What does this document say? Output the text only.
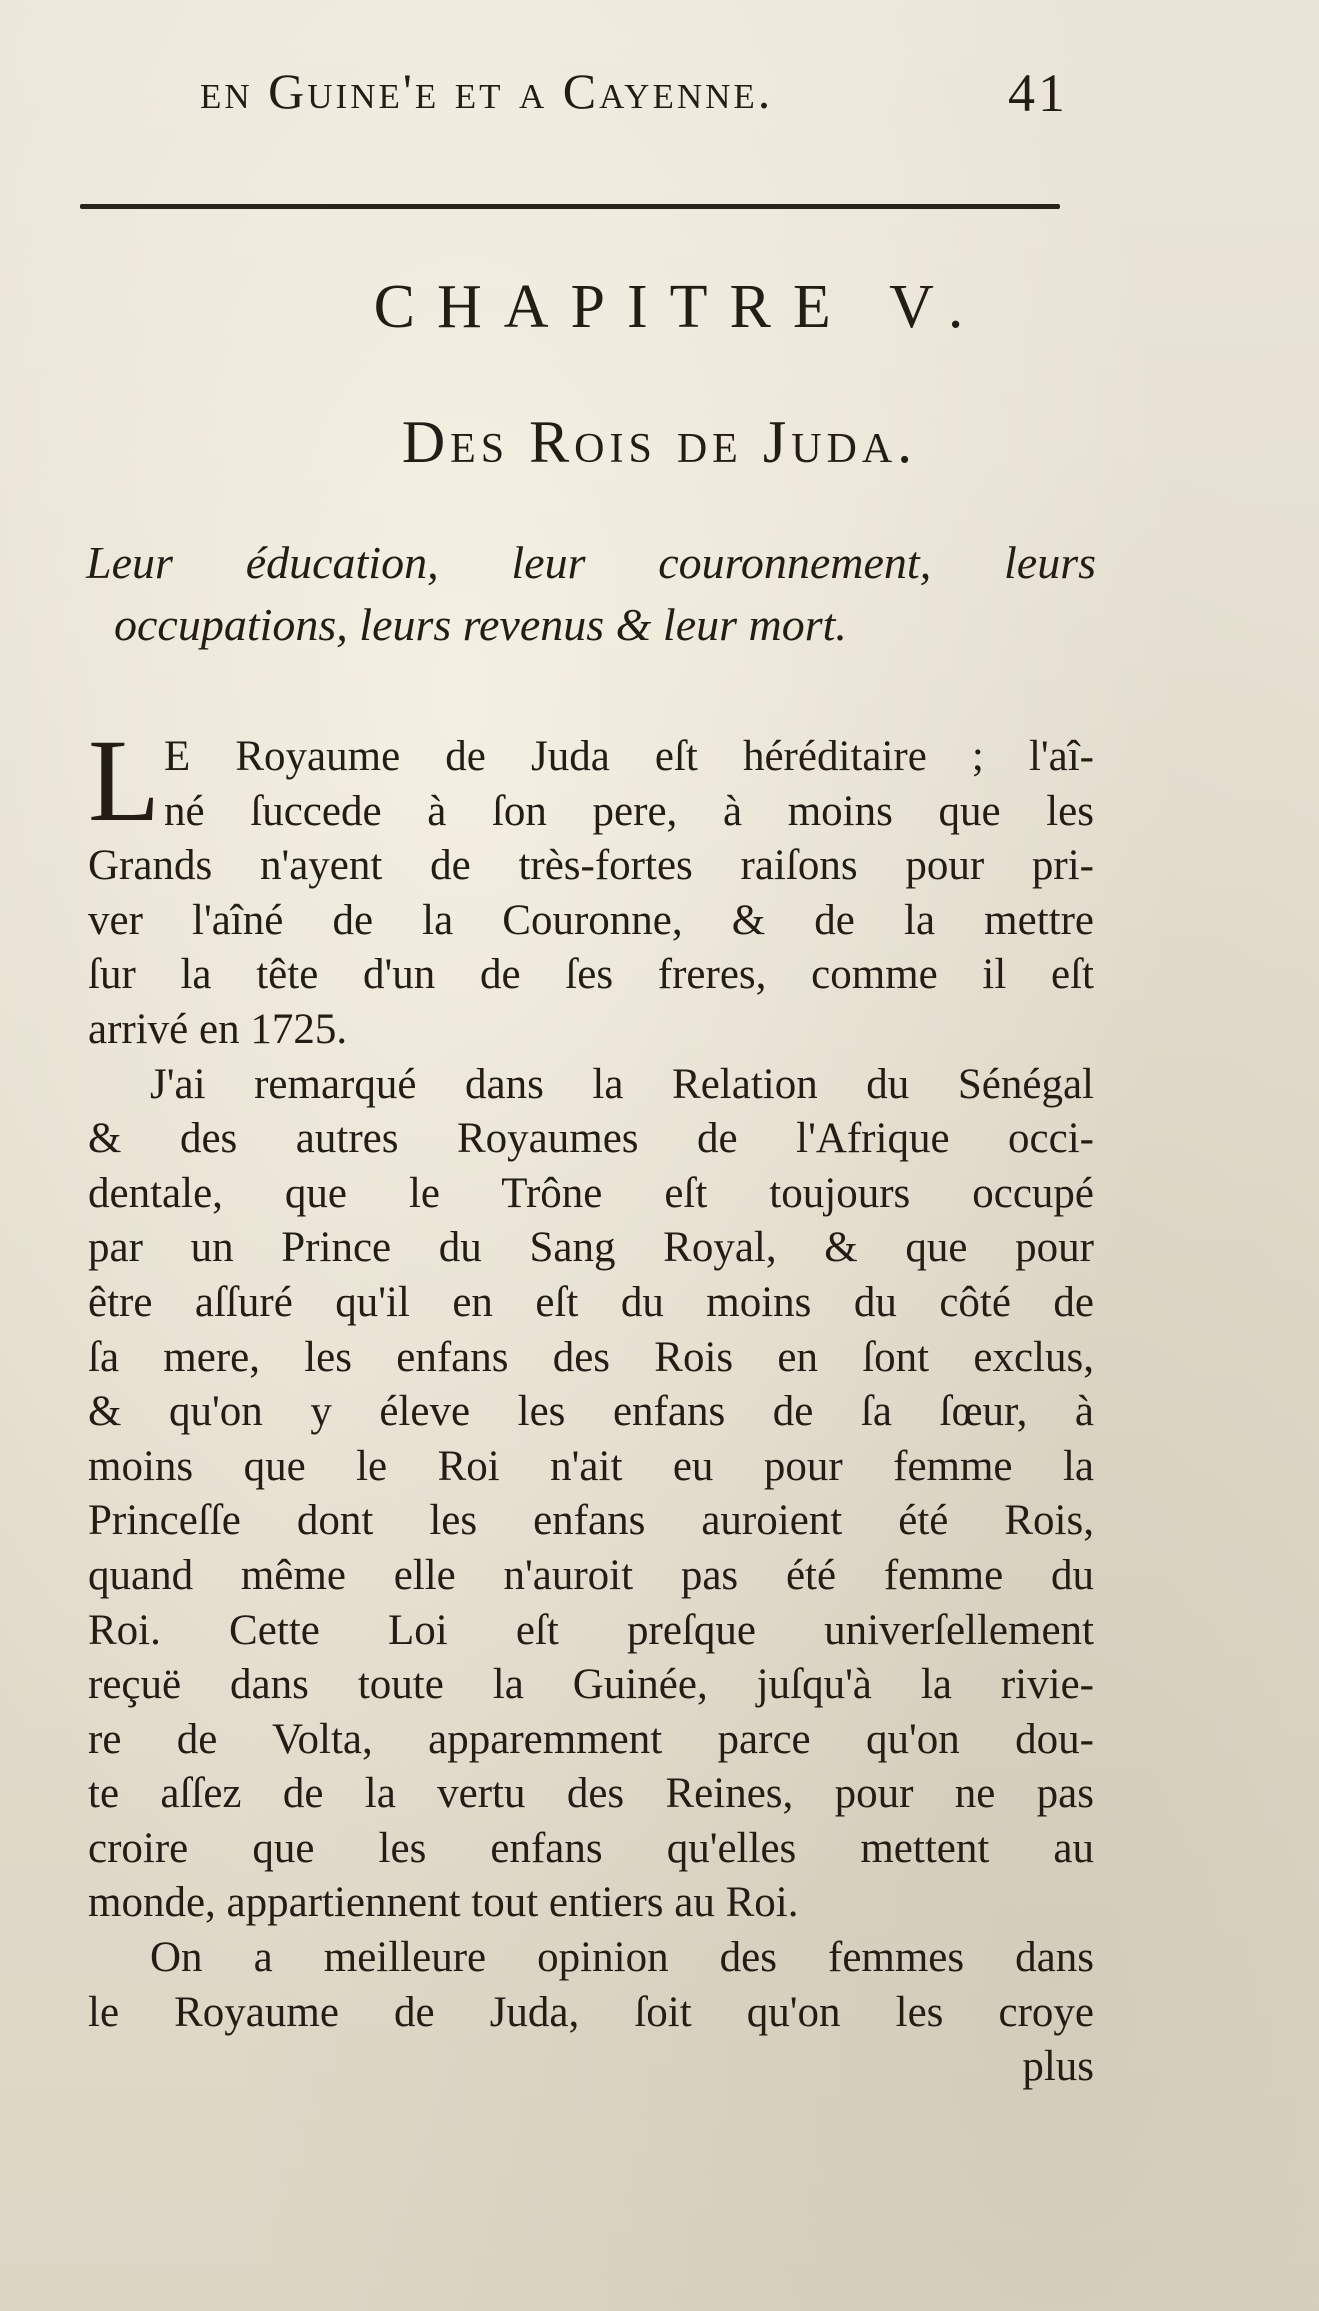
en Guine'e et a Cayenne.	41
CHAPITRE V.
Des Rois de Juda.
Leur éducation, leur couronnement, leurs
occupations, leurs revenus & leur mort.
L E Royaume de Juda eſt héréditaire ; l'aî-
né ſuccede à ſon pere, à moins que les
Grands n'ayent de très-fortes raiſons pour pri-
ver l'aîné de la Couronne, & de la mettre
ſur la tête d'un de ſes freres, comme il eſt
arrivé en 1725.
J'ai remarqué dans la Relation du Sénégal
& des autres Royaumes de l'Afrique occi-
dentale, que le Trône eſt toujours occupé
par un Prince du Sang Royal, & que pour
être aſſuré qu'il en eſt du moins du côté de
ſa mere, les enfans des Rois en ſont exclus,
& qu'on y éleve les enfans de ſa ſœur, à
moins que le Roi n'ait eu pour femme la
Princeſſe dont les enfans auroient été Rois,
quand même elle n'auroit pas été femme du
Roi. Cette Loi eſt preſque univerſellement
reçuë dans toute la Guinée, juſqu'à la rivie-
re de Volta, apparemment parce qu'on dou-
te aſſez de la vertu des Reines, pour ne pas
croire que les enfans qu'elles mettent au
monde, appartiennent tout entiers au Roi.
On a meilleure opinion des femmes dans
le Royaume de Juda, ſoit qu'on les croye
plus
